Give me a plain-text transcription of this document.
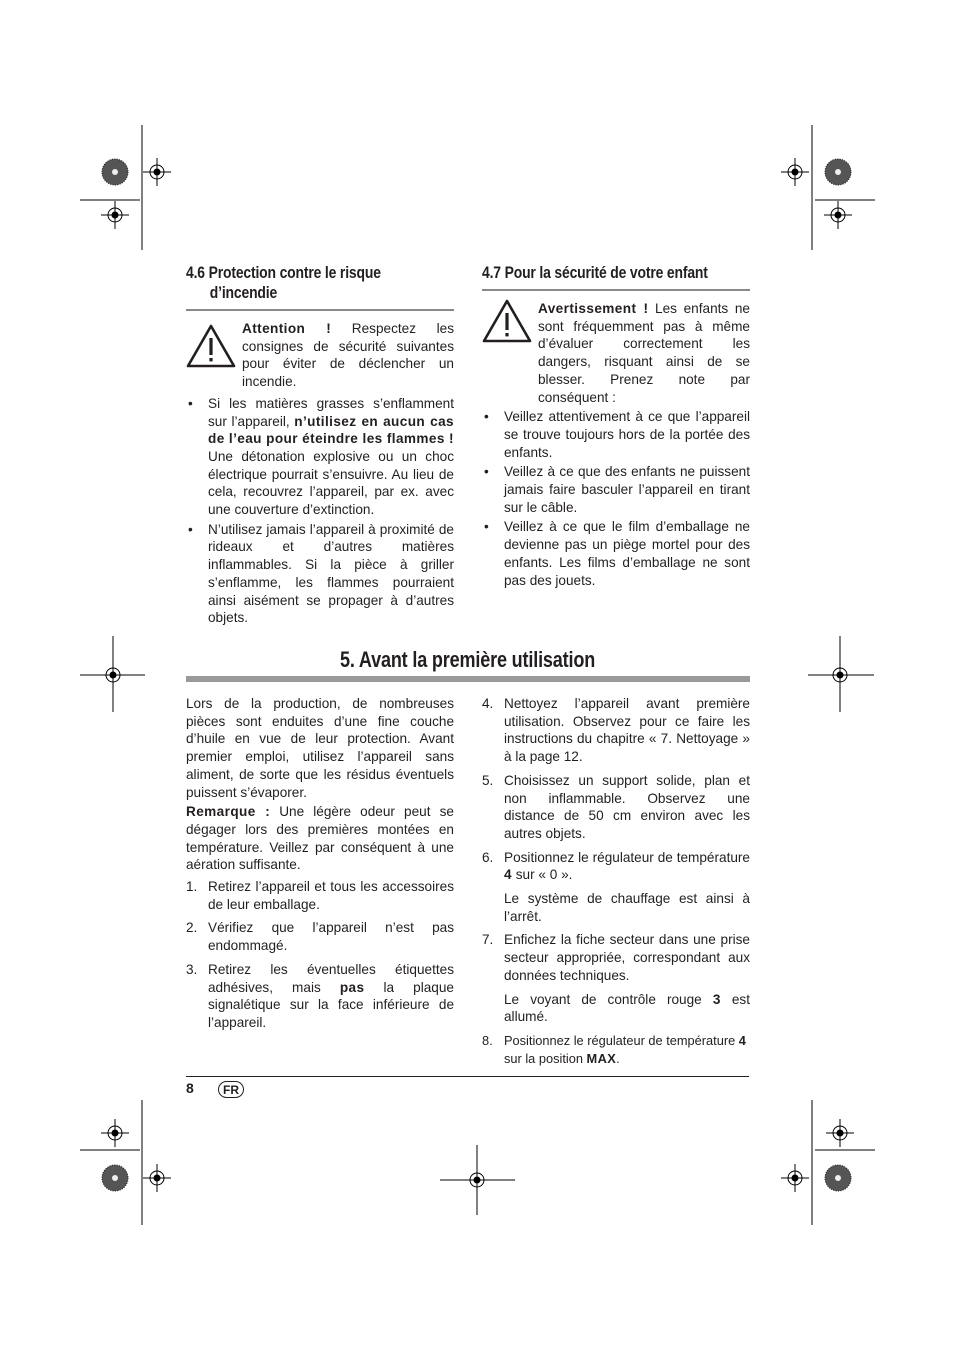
4.6 Protection contre le risque
d’incendie

Attention ! Respectez les consignes de sécurité suivantes pour éviter de déclencher un incendie.

• Si les matières grasses s’enflamment sur l’appareil, n’utilisez en aucun cas de l’eau pour éteindre les flammes ! Une détonation explosive ou un choc électrique pourrait s’ensuivre. Au lieu de cela, recouvrez l’appareil, par ex. avec une couverture d’extinction.
• N’utilisez jamais l’appareil à proximité de rideaux et d’autres matières inflammables. Si la pièce à griller s’enflamme, les flammes pourraient ainsi aisément se propager à d’autres objets.
4.7 Pour la sécurité de votre enfant

Avertissement ! Les enfants ne sont fréquemment pas à même d’évaluer correctement les dangers, risquant ainsi de se blesser. Prenez note par conséquent :

• Veillez attentivement à ce que l’appareil se trouve toujours hors de la portée des enfants.
• Veillez à ce que des enfants ne puissent jamais faire basculer l’appareil en tirant sur le câble.
• Veillez à ce que le film d’emballage ne devienne pas un piège mortel pour des enfants. Les films d’emballage ne sont pas des jouets.
5. Avant la première utilisation

Lors de la production, de nombreuses pièces sont enduites d’une fine couche d’huile en vue de leur protection. Avant premier emploi, utilisez l’appareil sans aliment, de sorte que les résidus éventuels puissent s’évaporer.

Remarque : Une légère odeur peut se dégager lors des premières montées en température. Veillez par conséquent à une aération suffisante.

1. Retirez l’appareil et tous les accessoires de leur emballage.

2. Vérifiez que l’appareil n’est pas endommagé.

3. Retirez les éventuelles étiquettes adhésives, mais pas la plaque signalétique sur la face inférieure de l’appareil.

4. Nettoyez l’appareil avant première utilisation. Observez pour ce faire les instructions du chapitre « 7. Nettoyage » à la page 12.

5. Choisissez un support solide, plan et non inflammable. Observez une distance de 50 cm environ avec les autres objets.

6. Positionnez le régulateur de température 4 sur « 0 ».

Le système de chauffage est ainsi à l’arrêt.

7. Enfichez la fiche secteur dans une prise secteur appropriée, correspondant aux données techniques.

Le voyant de contrôle rouge 3 est allumé.

8. Positionnez le régulateur de température 4 sur la position MAX.

8	FR
